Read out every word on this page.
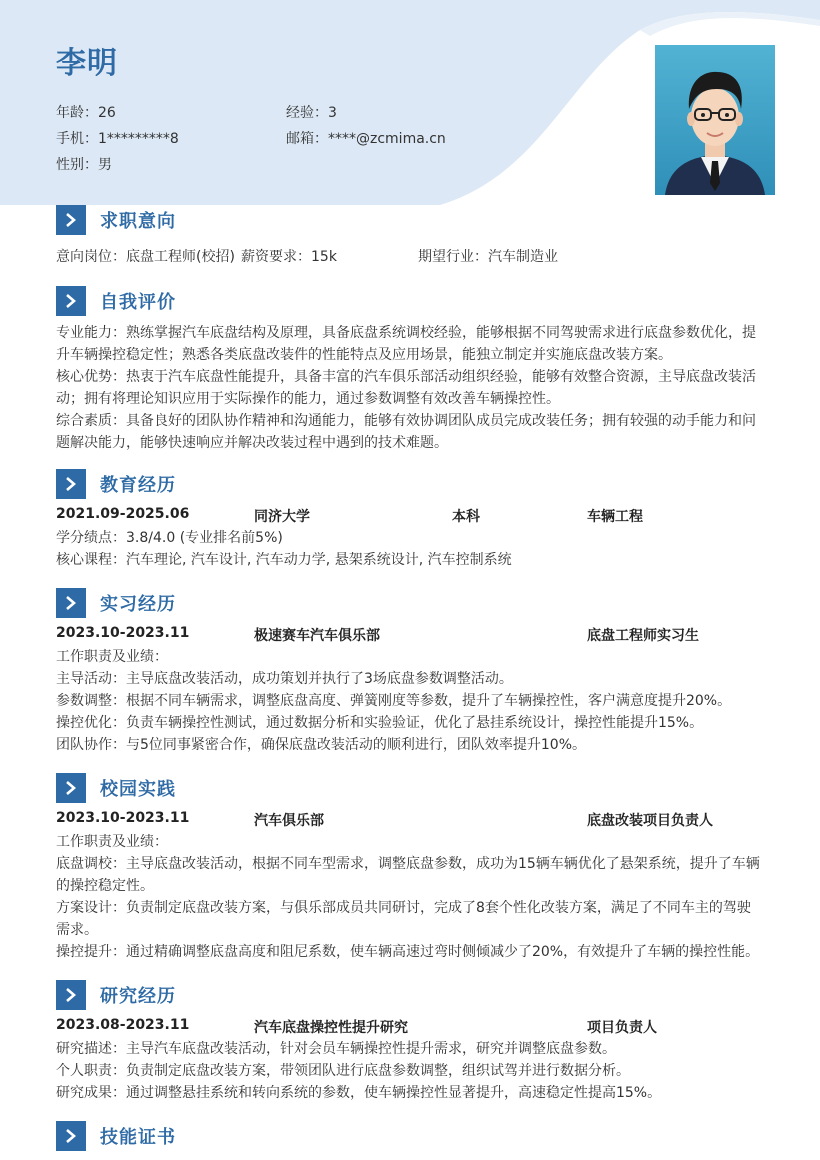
李明
年龄：26	经验：3
手机：1*********8	邮箱：****@zcmima.cn
性别：男
求职意向
意向岗位：底盘工程师(校招) 薪资要求：15k	期望行业：汽车制造业
自我评价

专业能力：熟练掌握汽车底盘结构及原理，具备底盘系统调校经验，能够根据不同驾驶需求进行底盘参数优化，提

升车辆操控稳定性；熟悉各类底盘改装件的性能特点及应用场景，能独立制定并实施底盘改装方案。

核心优势：热衷于汽车底盘性能提升，具备丰富的汽车俱乐部活动组织经验，能够有效整合资源，主导底盘改装活

动；拥有将理论知识应用于实际操作的能力，通过参数调整有效改善车辆操控性。

综合素质：具备良好的团队协作精神和沟通能力，能够有效协调团队成员完成改装任务；拥有较强的动手能力和问

题解决能力，能够快速响应并解决改装过程中遇到的技术难题。

教育经历
2021.09-2025.06	同济大学	本科	车辆工程

学分绩点：3.8/4.0 (专业排名前5%)

核心课程：汽车理论, 汽车设计, 汽车动力学, 悬架系统设计, 汽车控制系统

实习经历
2023.10-2023.11	极速赛车汽车俱乐部	底盘工程师实习生

工作职责及业绩：

主导活动：主导底盘改装活动，成功策划并执行了3场底盘参数调整活动。

参数调整：根据不同车辆需求，调整底盘高度、弹簧刚度等参数，提升了车辆操控性，客户满意度提升20%。

操控优化：负责车辆操控性测试，通过数据分析和实验验证，优化了悬挂系统设计，操控性能提升15%。

团队协作：与5位同事紧密合作，确保底盘改装活动的顺利进行，团队效率提升10%。

校园实践
2023.10-2023.11	汽车俱乐部	底盘改装项目负责人

工作职责及业绩：

底盘调校：主导底盘改装活动，根据不同车型需求，调整底盘参数，成功为15辆车辆优化了悬架系统，提升了车辆

的操控稳定性。

方案设计：负责制定底盘改装方案，与俱乐部成员共同研讨，完成了8套个性化改装方案，满足了不同车主的驾驶

需求。

操控提升：通过精确调整底盘高度和阻尼系数，使车辆高速过弯时侧倾减少了20%，有效提升了车辆的操控性能。

研究经历
2023.08-2023.11	汽车底盘操控性提升研究	项目负责人

研究描述：主导汽车底盘改装活动，针对会员车辆操控性提升需求，研究并调整底盘参数。

个人职责：负责制定底盘改装方案，带领团队进行底盘参数调整，组织试驾并进行数据分析。

研究成果：通过调整悬挂系统和转向系统的参数，使车辆操控性显著提升，高速稳定性提高15%。

技能证书
